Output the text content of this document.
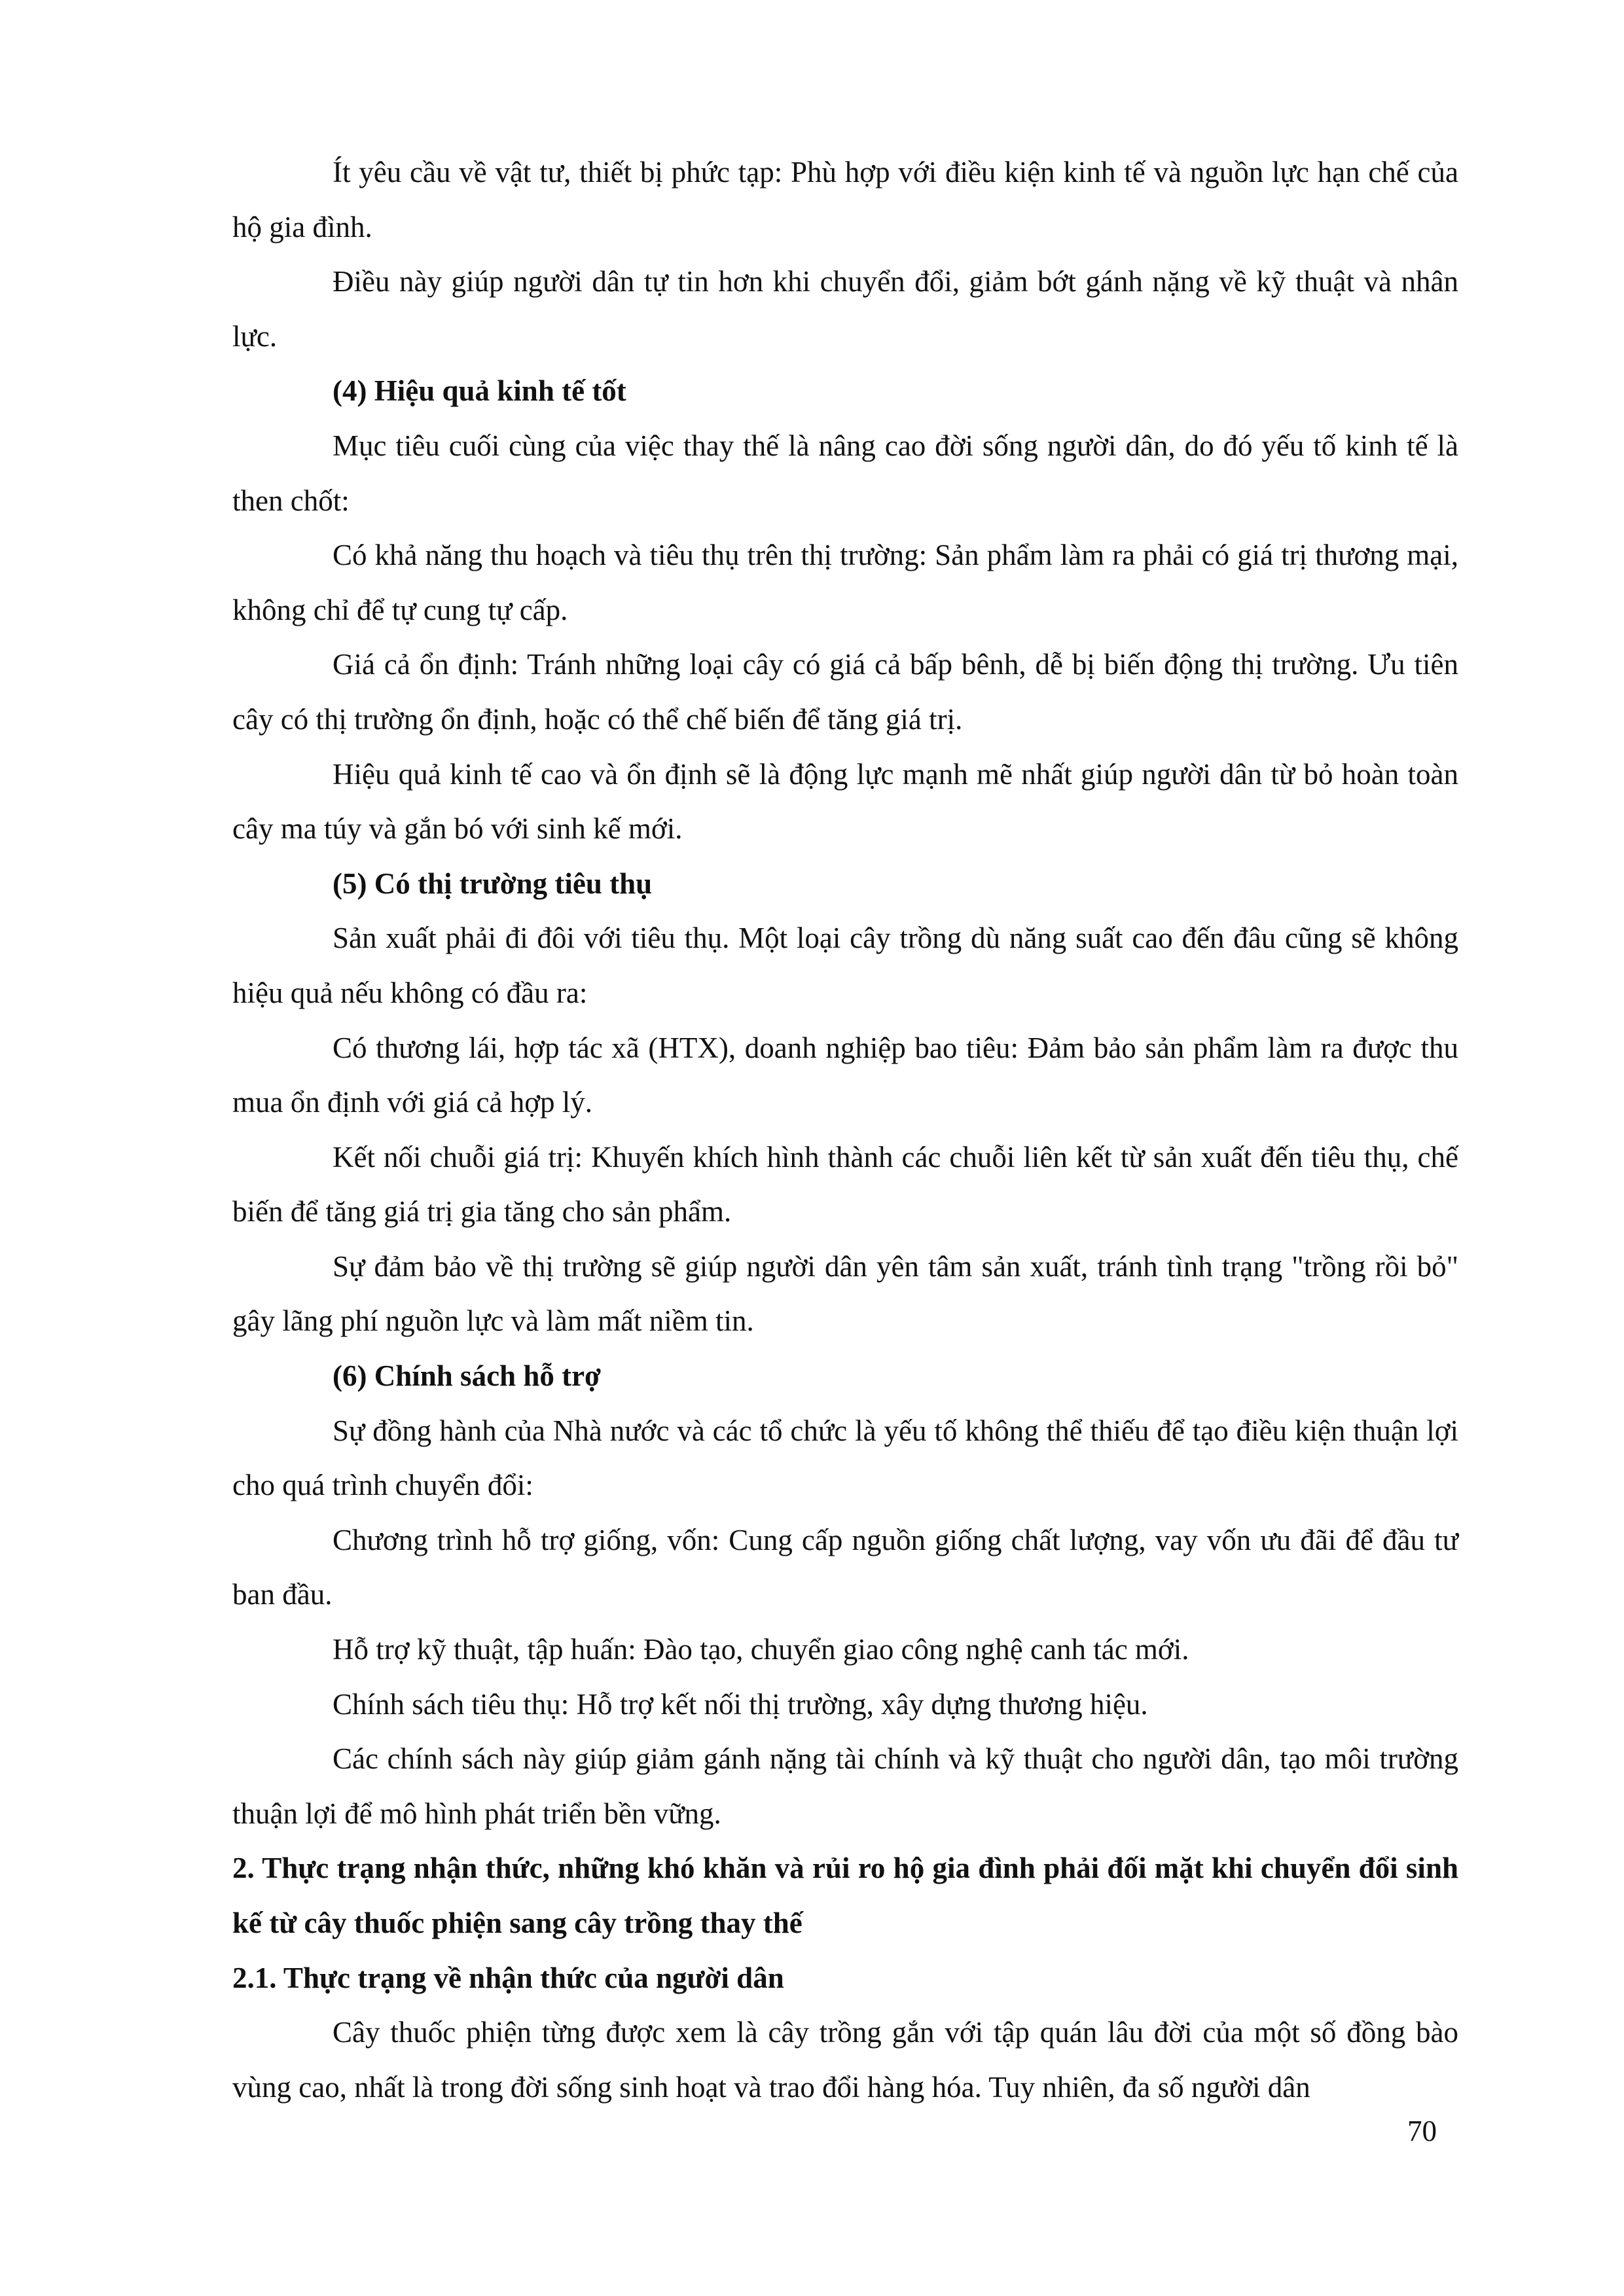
Ít yêu cầu về vật tư, thiết bị phức tạp: Phù hợp với điều kiện kinh tế và nguồn lực hạn chế của hộ gia đình.

Điều này giúp người dân tự tin hơn khi chuyển đổi, giảm bớt gánh nặng về kỹ thuật và nhân lực.

(4) Hiệu quả kinh tế tốt

Mục tiêu cuối cùng của việc thay thế là nâng cao đời sống người dân, do đó yếu tố kinh tế là then chốt:

Có khả năng thu hoạch và tiêu thụ trên thị trường: Sản phẩm làm ra phải có giá trị thương mại, không chỉ để tự cung tự cấp.

Giá cả ổn định: Tránh những loại cây có giá cả bấp bênh, dễ bị biến động thị trường. Ưu tiên cây có thị trường ổn định, hoặc có thể chế biến để tăng giá trị.

Hiệu quả kinh tế cao và ổn định sẽ là động lực mạnh mẽ nhất giúp người dân từ bỏ hoàn toàn cây ma túy và gắn bó với sinh kế mới.

(5) Có thị trường tiêu thụ

Sản xuất phải đi đôi với tiêu thụ. Một loại cây trồng dù năng suất cao đến đâu cũng sẽ không hiệu quả nếu không có đầu ra:

Có thương lái, hợp tác xã (HTX), doanh nghiệp bao tiêu: Đảm bảo sản phẩm làm ra được thu mua ổn định với giá cả hợp lý.

Kết nối chuỗi giá trị: Khuyến khích hình thành các chuỗi liên kết từ sản xuất đến tiêu thụ, chế biến để tăng giá trị gia tăng cho sản phẩm.

Sự đảm bảo về thị trường sẽ giúp người dân yên tâm sản xuất, tránh tình trạng "trồng rồi bỏ" gây lãng phí nguồn lực và làm mất niềm tin.

(6) Chính sách hỗ trợ

Sự đồng hành của Nhà nước và các tổ chức là yếu tố không thể thiếu để tạo điều kiện thuận lợi cho quá trình chuyển đổi:

Chương trình hỗ trợ giống, vốn: Cung cấp nguồn giống chất lượng, vay vốn ưu đãi để đầu tư ban đầu.

Hỗ trợ kỹ thuật, tập huấn: Đào tạo, chuyển giao công nghệ canh tác mới.

Chính sách tiêu thụ: Hỗ trợ kết nối thị trường, xây dựng thương hiệu.

Các chính sách này giúp giảm gánh nặng tài chính và kỹ thuật cho người dân, tạo môi trường thuận lợi để mô hình phát triển bền vững.

2. Thực trạng nhận thức, những khó khăn và rủi ro hộ gia đình phải đối mặt khi chuyển đổi sinh kế từ cây thuốc phiện sang cây trồng thay thế

2.1. Thực trạng về nhận thức của người dân

Cây thuốc phiện từng được xem là cây trồng gắn với tập quán lâu đời của một số đồng bào vùng cao, nhất là trong đời sống sinh hoạt và trao đổi hàng hóa. Tuy nhiên, đa số người dân

70
